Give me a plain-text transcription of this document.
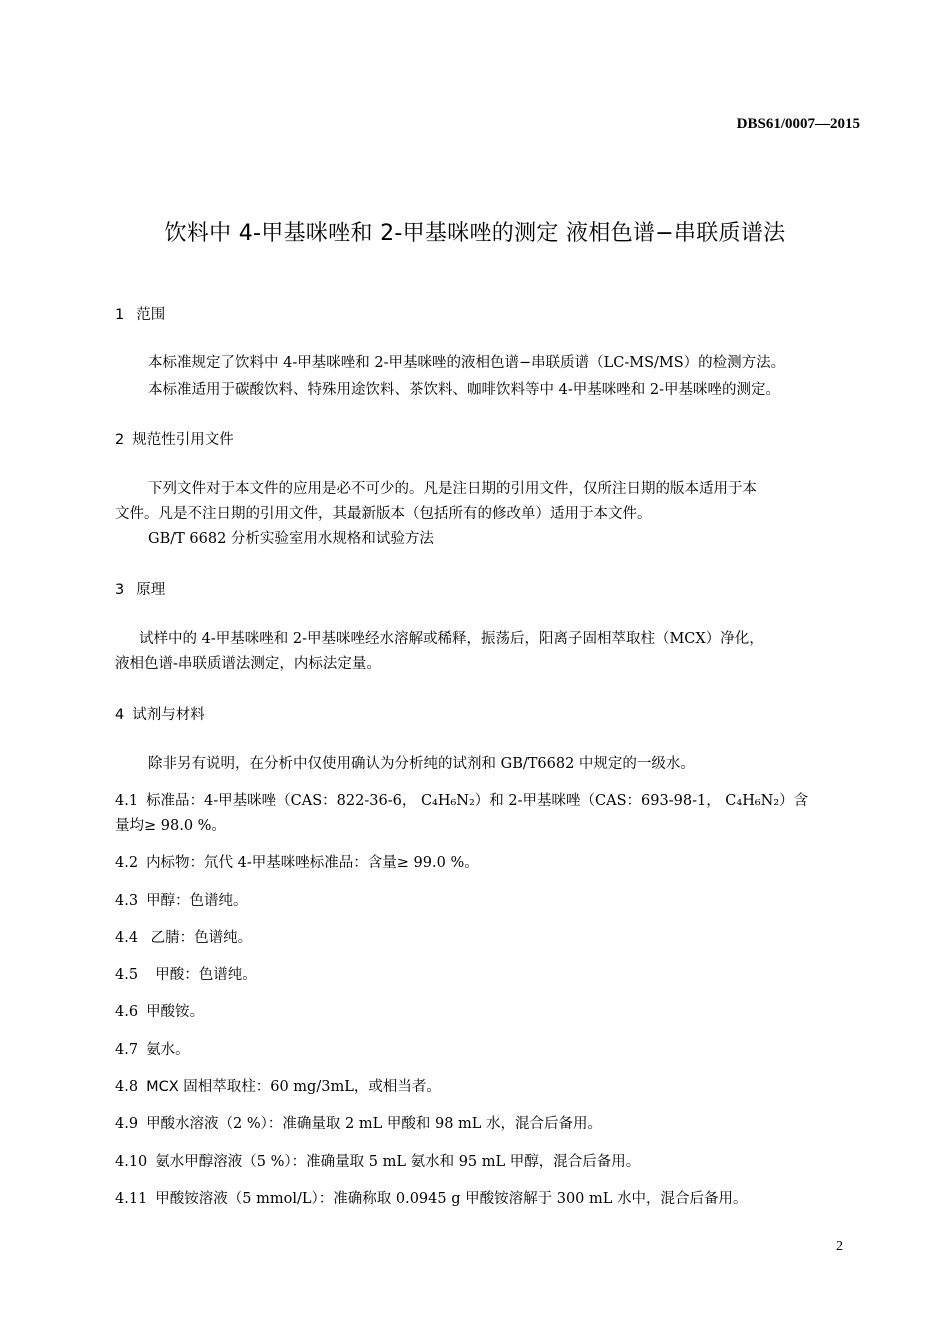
DBS61/0007—2015
饮料中 4-甲基咪唑和 2-甲基咪唑的测定 液相色谱−串联质谱法
1 范围
本标准规定了饮料中 4-甲基咪唑和 2-甲基咪唑的液相色谱−串联质谱（LC-MS/MS）的检测方法。
本标准适用于碳酸饮料、特殊用途饮料、茶饮料、咖啡饮料等中 4-甲基咪唑和 2-甲基咪唑的测定。
2 规范性引用文件
下列文件对于本文件的应用是必不可少的。凡是注日期的引用文件，仅所注日期的版本适用于本
文件。凡是不注日期的引用文件，其最新版本（包括所有的修改单）适用于本文件。
GB/T 6682 分析实验室用水规格和试验方法
3 原理
试样中的 4-甲基咪唑和 2-甲基咪唑经水溶解或稀释，振荡后，阳离子固相萃取柱（MCX）净化，
液相色谱-串联质谱法测定，内标法定量。
4 试剂与材料
除非另有说明，在分析中仅使用确认为分析纯的试剂和 GB/T6682 中规定的一级水。
4.1 标准品：4-甲基咪唑（CAS：822-36-6， C₄H₆N₂）和 2-甲基咪唑（CAS：693-98-1， C₄H₆N₂）含
量均≥ 98.0 %。
4.2 内标物：氘代 4-甲基咪唑标准品：含量≥ 99.0 %。
4.3 甲醇：色谱纯。
4.4 乙腈：色谱纯。
4.5  甲酸：色谱纯。
4.6 甲酸铵。
4.7 氨水。
4.8 MCX 固相萃取柱：60 mg/3mL，或相当者。
4.9 甲酸水溶液（2 %）：准确量取 2 mL 甲酸和 98 mL 水，混合后备用。
4.10 氨水甲醇溶液（5 %）：准确量取 5 mL 氨水和 95 mL 甲醇，混合后备用。
4.11 甲酸铵溶液（5 mmol/L）：准确称取 0.0945 g 甲酸铵溶解于 300 mL 水中，混合后备用。
2
